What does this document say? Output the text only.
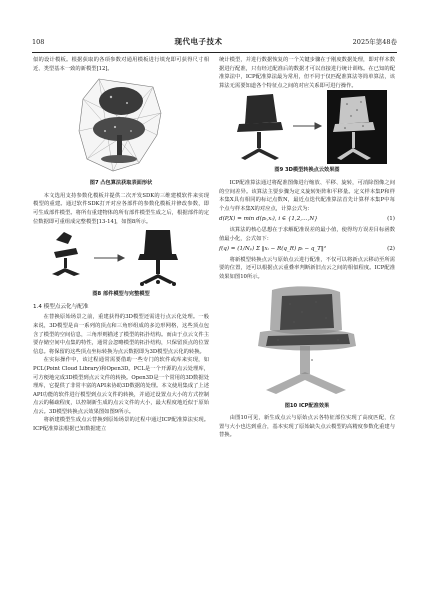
108	现代电子技术	2025年第48卷

似的设计模板。根据获取的各项参数对通用模板进行填充即可获得尺寸相近、类型基本一致的新模型[12]。

图7 凸包算法获取表面形状

本文选用支持参数化模板并提供二次开发SDK的三维建模软件来实现模型的重建。通过软件SDK打开对应各部件的参数化模板并修改参数，即可生成部件模型。将所有重建物体的所有部件模型生成之后，根据部件的定位数据即可重组成完整模型[13-14]，如图8所示。

图8 部件模型与完整模型
1.4 模型点云化与配准

在替换原始场景之前，重建获得的3D模型还需进行点云化处理。一般来说，3D模型是由一系列的顶点和三角形组成的多边形网格，这些顶点包含了模型的空间信息，三角形则描述了模型的拓扑结构。而由于点云文件主要存储空间中点集的特性，通常会忽略模型的拓扑结构，只保留顶点的位置信息。将保留的这些顶点坐标转换为点云数据即为3D模型点云化的转换。

在实际操作中，该过程通常需要借助一些专门的软件或库来实现，如PCL(Point Cloud Library)和Open3D。PCL是一个开源的点云处理库，可方便地完成3D模型到点云文件的转换。Open3D是一个常用的3D数据处理库，它提供了非常丰富的API来协助3D数据的处理。本文使用集成了上述API功能的软件进行模型到点云文件的转换，并通过设置点大小的方式控制点云的稀疏程度，以控制新生成的点云文件的大小，最大程度地近似于原始点云。3D模型转换点云效果图如图9所示。

将新建模型生成点云替换到原始场景的过程中通过ICP配准算法实现。ICP配准算法根据已知数据建立

统计模型，并进行数据恢复的一个关键步骤在于刚度数据处理，即对样本数据进行配准，只有经过配准后的数据才可以直接进行统计训练。在已知的配准算法中，ICP配准算法最为常用，但不同于仅匹配准算法等简单算法，该算法无需要知道各个特征点之间的对应关系即可进行操作。

图9 3D模型转换点云效果图

ICP配准算法通过将配准图像进行缩放、平移、旋转，可消除图像之间的空间差异。该算法主要步骤为定义旋转矩阵和平移量。定义样本集P和样本集X具有相同的标记点数N，最近点迭代配准算法首先计算样本集P中每个点与样本集X的对应点，计算公式为：

d(P,X) = min d(pᵢ,xᵢ), i ∈ {1,2,…,N}	(1)

该算法的核心思想在于求解配准误差的最小值，使得均方误差目标函数值最小化，公式如下：

f(q) = (1/Nₚ) Σ ‖xᵢ − R(q_R) pᵢ − q_T‖²	(2)

将新模型转换点云与原始点云进行配准，不仅可以将新点云移动至所需要的位置，还可以根据点云重叠率判断新旧点云之间的相似程度。ICP配准效果如图10所示。

图10 ICP配准效果

由图10可见，新生成点云与原始点云各特征部位实现了高度匹配，位置与大小也达到重合，基本实现了原始缺失点云模型的高精度参数化重建与替换。
